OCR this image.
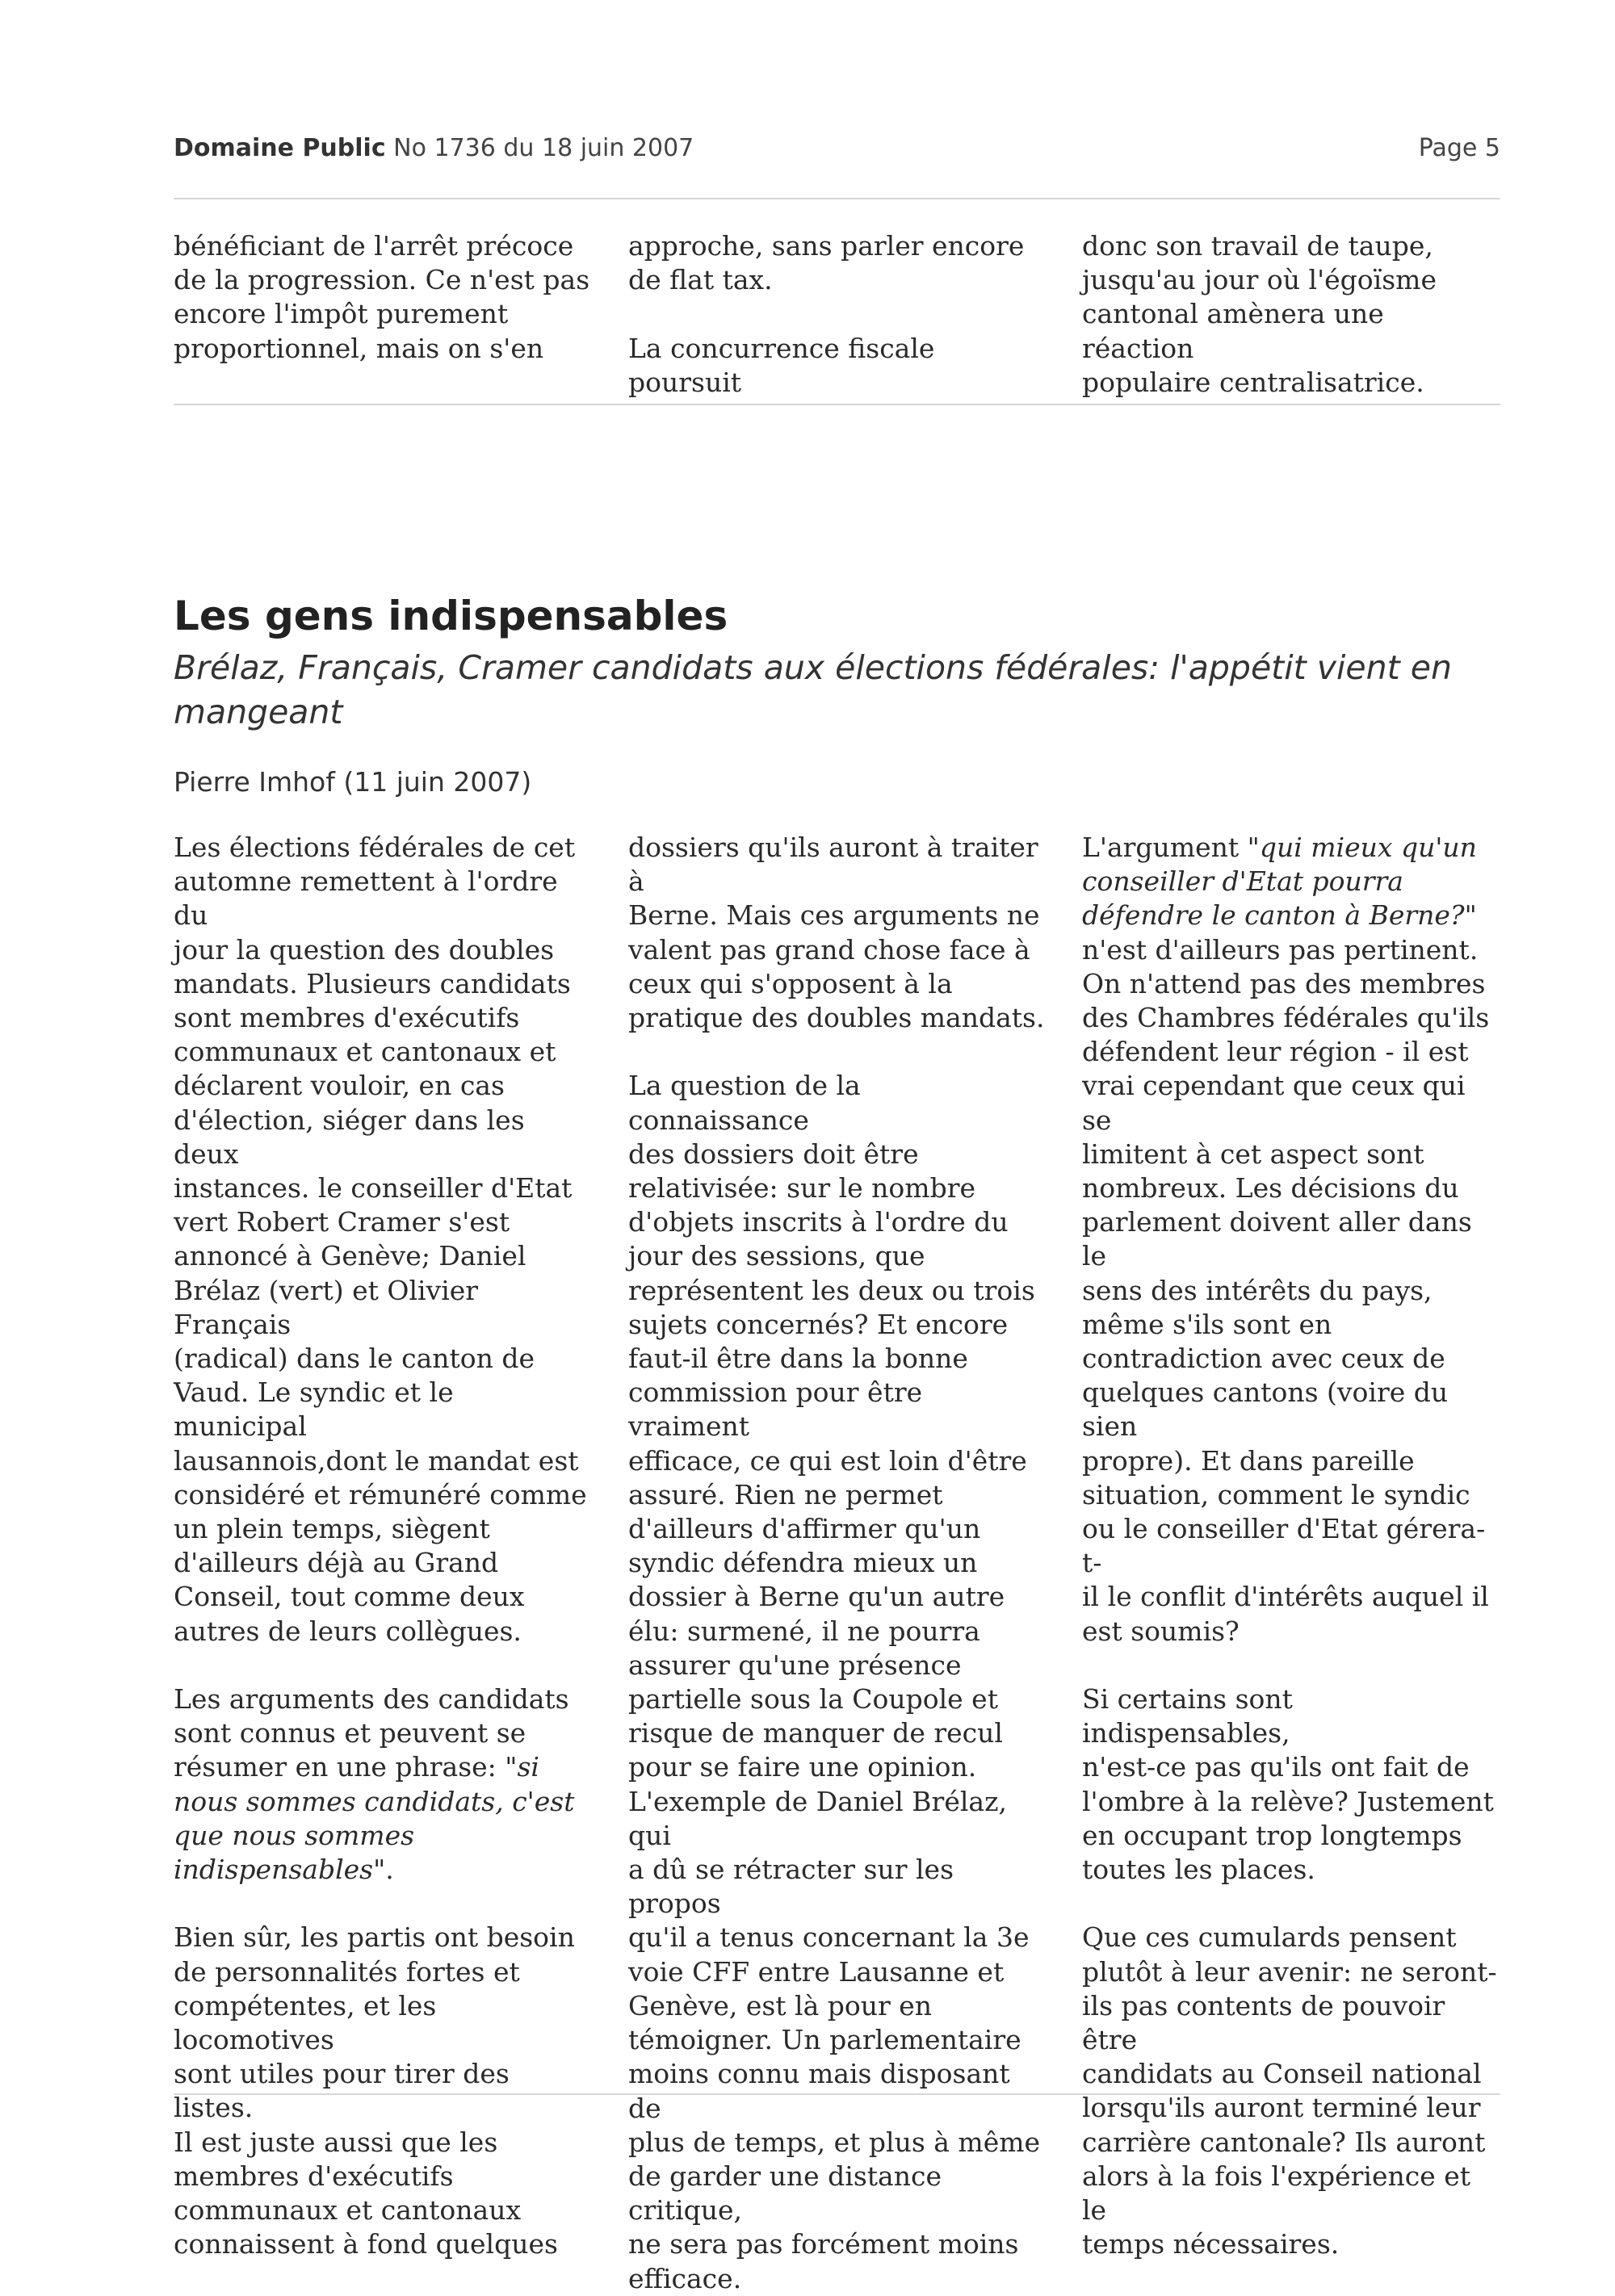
Domaine Public No 1736 du 18 juin 2007	Page 5

bénéficiant de l'arrêt précoce
de la progression. Ce n'est pas
encore l'impôt purement
proportionnel, mais on s'en

approche, sans parler encore
de flat tax.

La concurrence fiscale poursuit

donc son travail de taupe,
jusqu'au jour où l'égoïsme
cantonal amènera une réaction
populaire centralisatrice.

Les gens indispensables
Brélaz, Français, Cramer candidats aux élections fédérales: l'appétit vient en
mangeant
Pierre Imhof (11 juin 2007)

Les élections fédérales de cet
automne remettent à l'ordre du
jour la question des doubles
mandats. Plusieurs candidats
sont membres d'exécutifs
communaux et cantonaux et
déclarent vouloir, en cas
d'élection, siéger dans les deux
instances. le conseiller d'Etat
vert Robert Cramer s'est
annoncé à Genève; Daniel
Brélaz (vert) et Olivier Français
(radical) dans le canton de
Vaud. Le syndic et le municipal
lausannois,dont le mandat est
considéré et rémunéré comme
un plein temps, siègent
d'ailleurs déjà au Grand
Conseil, tout comme deux
autres de leurs collègues.

Les arguments des candidats
sont connus et peuvent se
résumer en une phrase: "si
nous sommes candidats, c'est
que nous sommes
indispensables".

Bien sûr, les partis ont besoin
de personnalités fortes et
compétentes, et les locomotives
sont utiles pour tirer des listes.
Il est juste aussi que les
membres d'exécutifs
communaux et cantonaux
connaissent à fond quelques

dossiers qu'ils auront à traiter à
Berne. Mais ces arguments ne
valent pas grand chose face à
ceux qui s'opposent à la
pratique des doubles mandats.

La question de la connaissance
des dossiers doit être
relativisée: sur le nombre
d'objets inscrits à l'ordre du
jour des sessions, que
représentent les deux ou trois
sujets concernés? Et encore
faut-il être dans la bonne
commission pour être vraiment
efficace, ce qui est loin d'être
assuré. Rien ne permet
d'ailleurs d'affirmer qu'un
syndic défendra mieux un
dossier à Berne qu'un autre
élu: surmené, il ne pourra
assurer qu'une présence
partielle sous la Coupole et
risque de manquer de recul
pour se faire une opinion.
L'exemple de Daniel Brélaz, qui
a dû se rétracter sur les propos
qu'il a tenus concernant la 3e
voie CFF entre Lausanne et
Genève, est là pour en
témoigner. Un parlementaire
moins connu mais disposant de
plus de temps, et plus à même
de garder une distance critique,
ne sera pas forcément moins
efficace.

L'argument "qui mieux qu'un
conseiller d'Etat pourra
défendre le canton à Berne?"
n'est d'ailleurs pas pertinent.
On n'attend pas des membres
des Chambres fédérales qu'ils
défendent leur région - il est
vrai cependant que ceux qui se
limitent à cet aspect sont
nombreux. Les décisions du
parlement doivent aller dans le
sens des intérêts du pays,
même s'ils sont en
contradiction avec ceux de
quelques cantons (voire du sien
propre). Et dans pareille
situation, comment le syndic
ou le conseiller d'Etat gérera-t-
il le conflit d'intérêts auquel il
est soumis?

Si certains sont indispensables,
n'est-ce pas qu'ils ont fait de
l'ombre à la relève? Justement
en occupant trop longtemps
toutes les places.

Que ces cumulards pensent
plutôt à leur avenir: ne seront-
ils pas contents de pouvoir être
candidats au Conseil national
lorsqu'ils auront terminé leur
carrière cantonale? Ils auront
alors à la fois l'expérience et le
temps nécessaires.
